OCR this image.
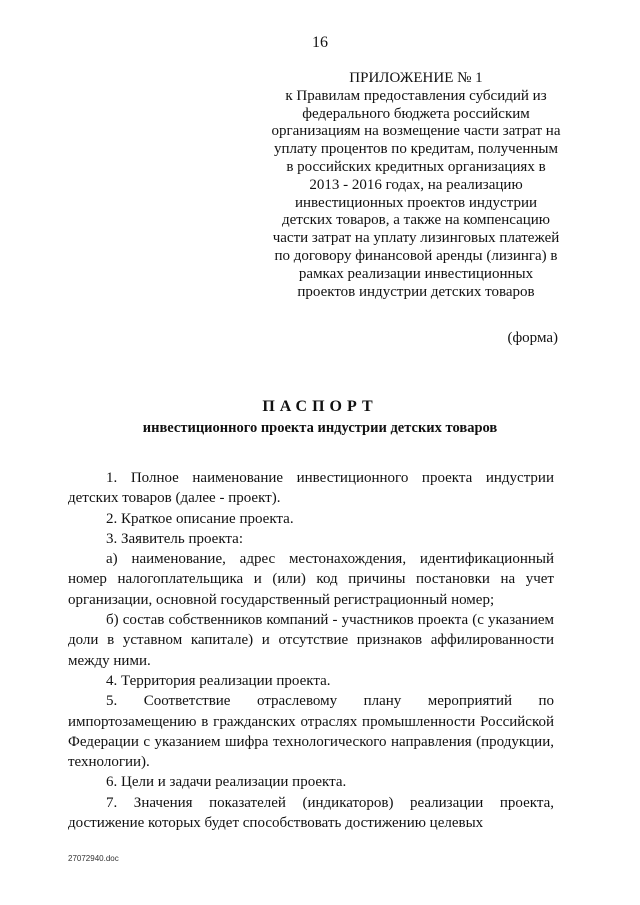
16
ПРИЛОЖЕНИЕ № 1
к Правилам предоставления субсидий из федерального бюджета российским организациям на возмещение части затрат на уплату процентов по кредитам, полученным в российских кредитных организациях в 2013 - 2016 годах, на реализацию инвестиционных проектов индустрии детских товаров, а также на компенсацию части затрат на уплату лизинговых платежей по договору финансовой аренды (лизинга) в рамках реализации инвестиционных проектов индустрии детских товаров
(форма)
ПАСПОРТ
инвестиционного проекта индустрии детских товаров

1. Полное наименование инвестиционного проекта индустрии детских товаров (далее - проект).

2. Краткое описание проекта.

3. Заявитель проекта:

а) наименование, адрес местонахождения, идентификационный номер налогоплательщика и (или) код причины постановки на учет организации, основной государственный регистрационный номер;

б) состав собственников компаний - участников проекта (с указанием доли в уставном капитале) и отсутствие признаков аффилированности между ними.

4. Территория реализации проекта.

5. Соответствие отраслевому плану мероприятий по импортозамещению в гражданских отраслях промышленности Российской Федерации с указанием шифра технологического направления (продукции, технологии).

6. Цели и задачи реализации проекта.

7. Значения показателей (индикаторов) реализации проекта, достижение которых будет способствовать достижению целевых

27072940.doc
